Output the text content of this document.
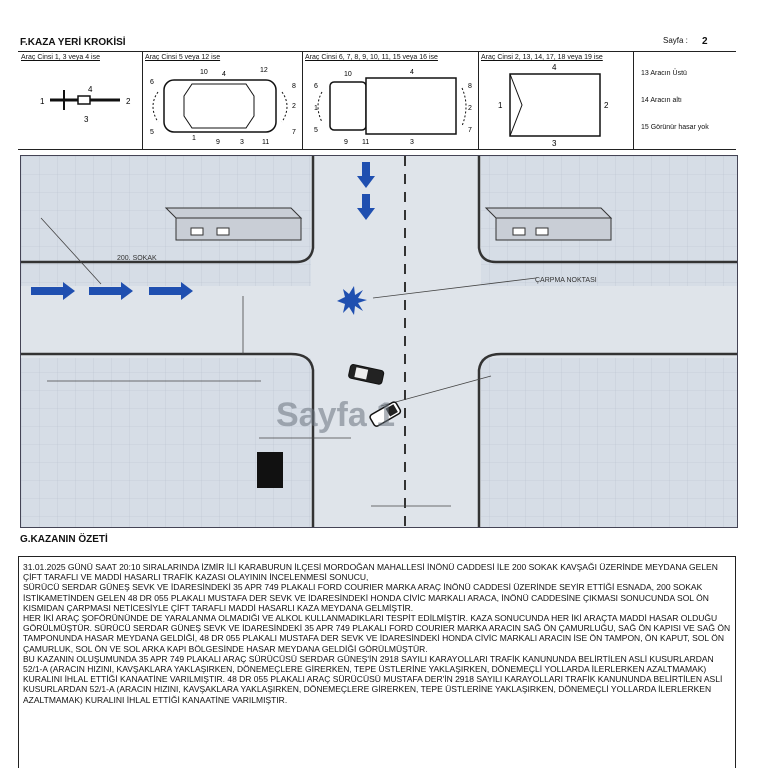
F.KAZA YERİ KROKİSİ	Sayfa : 2
Araç Cinsi 1, 3 veya 4 ise
1	2
3
4
Araç Cinsi 5 veya 12 ise
1
2
3
4
5
6
7
8
9
10
11
12
Araç Cinsi 6, 7, 8, 9, 10, 11, 15 veya 16 ise
1	2
3
4
5
6
7
8
9
10
11
Araç Cinsi 2, 13, 14, 17, 18 veya 19 ise
1	2
3
4
13 Aracın Üstü
14 Aracın altı
15 Görünür hasar yok
200. SOKAK
ÇARPMA NOKTASI
Sayfa 1
G.KAZANIN ÖZETİ

31.01.2025 GÜNÜ SAAT 20:10 SIRALARINDA İZMİR İLİ KARABURUN İLÇESİ MORDOĞAN MAHALLESİ İNÖNÜ CADDESİ İLE 200 SOKAK KAVŞAĞI ÜZERİNDE MEYDANA GELEN ÇİFT TARAFLI VE MADDİ HASARLI TRAFİK KAZASI OLAYININ İNCELENMESİ SONUCU,

SÜRÜCÜ SERDAR GÜNEŞ SEVK VE İDARESİNDEKİ 35 APR 749 PLAKALI FORD COURIER MARKA ARAÇ İNÖNÜ CADDESİ ÜZERİNDE SEYİR ETTİĞİ ESNADA, 200 SOKAK İSTİKAMETİNDEN GELEN 48 DR 055 PLAKALI MUSTAFA DER SEVK VE İDARESİNDEKİ HONDA CİVİC MARKALI ARACA, İNÖNÜ CADDESİNE ÇIKMASI SONUCUNDA SOL ÖN KISMIDAN ÇARPMASI NETİCESİYLE ÇİFT TARAFLI MADDİ HASARLI KAZA MEYDANA GELMİŞTİR.

HER İKİ ARAÇ ŞOFÖRÜNÜNDE DE YARALANMA OLMADIĞI VE ALKOL KULLANMADIKLARI TESPİT EDİLMİŞTİR. KAZA SONUCUNDA HER İKİ ARAÇTA MADDİ HASAR OLDUĞU GÖRÜLMÜŞTÜR. SÜRÜCÜ SERDAR GÜNEŞ SEVK VE İDARESİNDEKİ 35 APR 749 PLAKALI FORD COURIER MARKA ARACIN SAĞ ÖN ÇAMURLUĞU, SAĞ ÖN KAPISI VE SAĞ ÖN TAMPONUNDA HASAR MEYDANA GELDİĞİ, 48 DR 055 PLAKALI MUSTAFA DER SEVK VE İDARESİNDEKİ HONDA CİVİC MARKALI ARACIN İSE ÖN TAMPON, ÖN KAPUT, SOL ÖN ÇAMURLUK, SOL ÖN VE SOL ARKA KAPI BÖLGESİNDE HASAR MEYDANA GELDİĞİ GÖRÜLMÜŞTÜR.

BU KAZANIN OLUŞUMUNDA 35 APR 749 PLAKALI ARAÇ SÜRÜCÜSÜ SERDAR GÜNEŞ'İN 2918 SAYILI KARAYOLLARI TRAFİK KANUNUNDA BELİRTİLEN ASLİ KUSURLARDAN 52/1-A (ARACIN HIZINI, KAVŞAKLARA YAKLAŞIRKEN, DÖNEMEÇLERE GİRERKEN, TEPE ÜSTLERİNE YAKLAŞIRKEN, DÖNEMEÇLİ YOLLARDA İLERLERKEN AZALTMAMAK) KURALINI İHLAL ETTİĞİ KANAATİNE VARILMIŞTIR. 48 DR 055 PLAKALI ARAÇ SÜRÜCÜSÜ MUSTAFA DER'İN 2918 SAYILI KARAYOLLARI TRAFİK KANUNUNDA BELİRTİLEN ASLİ KUSURLARDAN 52/1-A (ARACIN HIZINI, KAVŞAKLARA YAKLAŞIRKEN, DÖNEMEÇLERE GİRERKEN, TEPE ÜSTLERİNE YAKLAŞIRKEN, DÖNEMEÇLİ YOLLARDA İLERLERKEN AZALTMAMAK) KURALINI İHLAL ETTİĞİ KANAATİNE VARILMIŞTIR.
